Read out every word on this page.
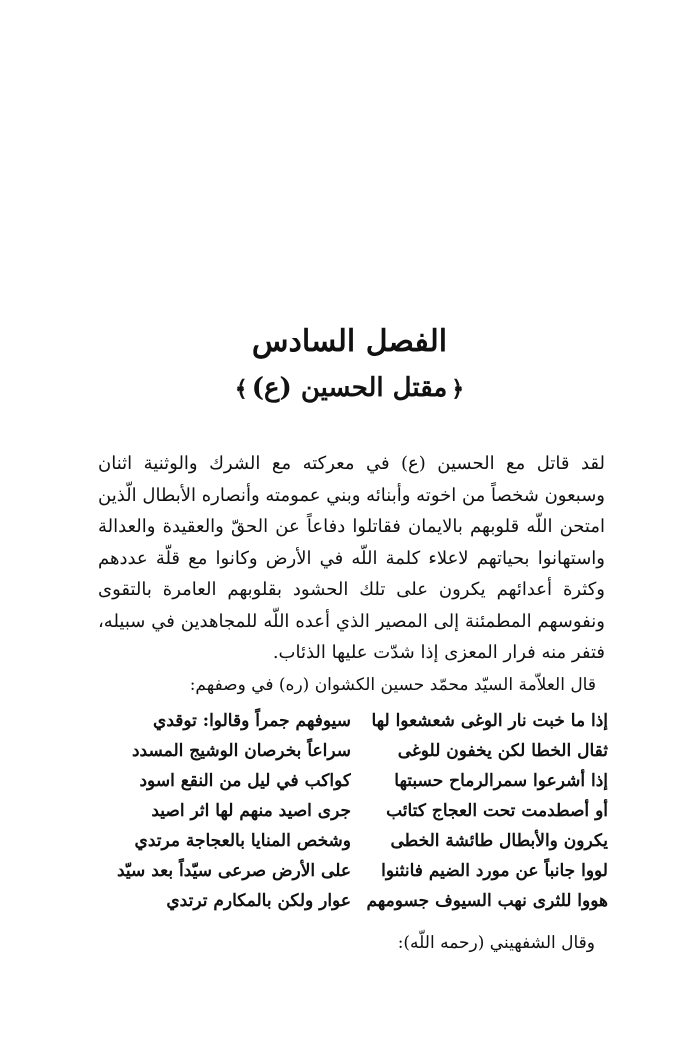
الفصل السادس
﴿مقتل الحسين (ع)﴾

لقد قاتل مع الحسين (ع) في معركته مع الشرك والوثنية اثنان وسبعون شخصاً من اخوته وأبنائه وبني عمومته وأنصاره الأبطال الّذين امتحن اللّه قلوبهم بالايمان فقاتلوا دفاعاً عن الحقّ والعقيدة والعدالة واستهانوا بحياتهم لاعلاء كلمة اللّه في الأرض وكانوا مع قلّة عددهم وكثرة أعدائهم يكرون على تلك الحشود بقلوبهم العامرة بالتقوى ونفوسهم المطمئنة إلى المصير الذي أعده اللّه للمجاهدين في سبيله، فتفر منه فرار المعزى إذا شدّت عليها الذئاب.

قال العلاّمة السيّد محمّد حسين الكشوان (ره) في وصفهم:
إذا ما خبت نار الوغى شعشعوا لها
سيوفهم جمراً وقالوا: توقدي
ثقال الخطا لكن يخفون للوغى
سراعاً بخرصان الوشيج المسدد
إذا أشرعوا سمرالرماح حسبتها
كواكب في ليل من النقع اسود
أو أصطدمت تحت العجاج كتائب
جرى اصيد منهم لها اثر اصيد
يكرون والأبطال طائشة الخطى
وشخص المنايا بالعجاجة مرتدي
لووا جانباً عن مورد الضيم فانثنوا
على الأرض صرعى سيّداً بعد سيّد
هووا للثرى نهب السيوف جسومهم
عوار ولكن بالمكارم ترتدي
وقال الشفهيني (رحمه اللّه):
